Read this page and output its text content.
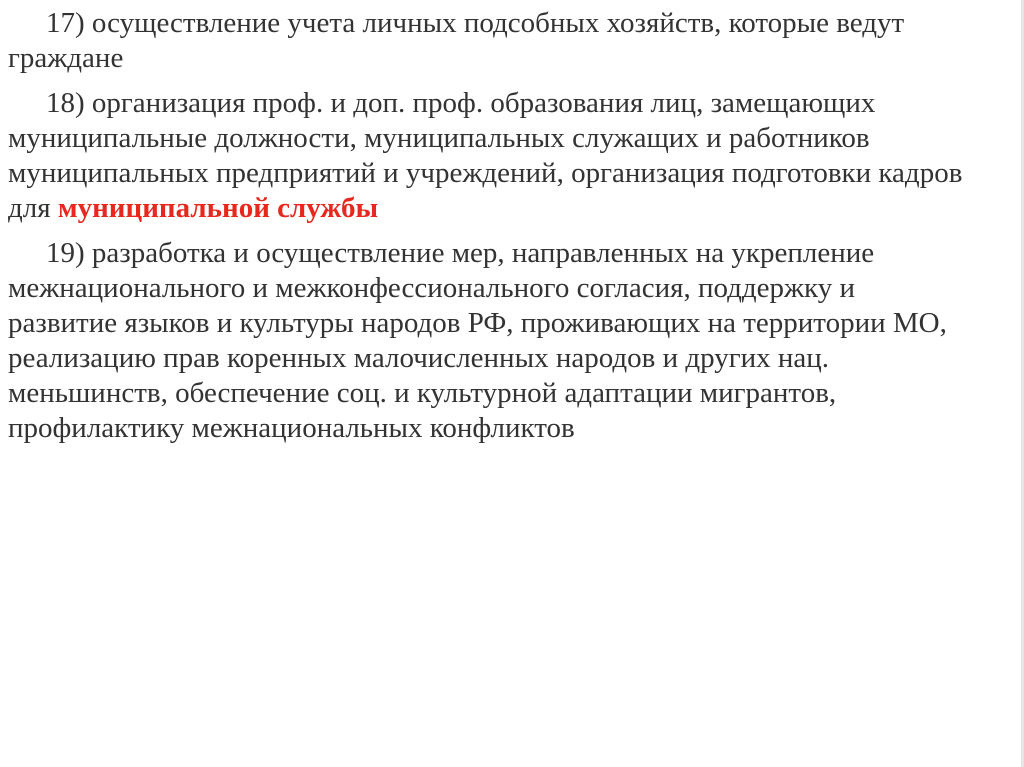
17) осуществление учета личных подсобных хозяйств, которые ведут граждане

18) организация проф. и доп. проф. образования лиц, замещающих муниципальные должности, муниципальных служащих и работников муниципальных предприятий и учреждений, организация подготовки кадров для муниципальной службы

19) разработка и осуществление мер, направленных на укрепление межнационального и межконфессионального согласия, поддержку и развитие языков и культуры народов РФ, проживающих на территории МО, реализацию прав коренных малочисленных народов и других нац. меньшинств, обеспечение соц. и культурной адаптации мигрантов, профилактику межнациональных конфликтов
